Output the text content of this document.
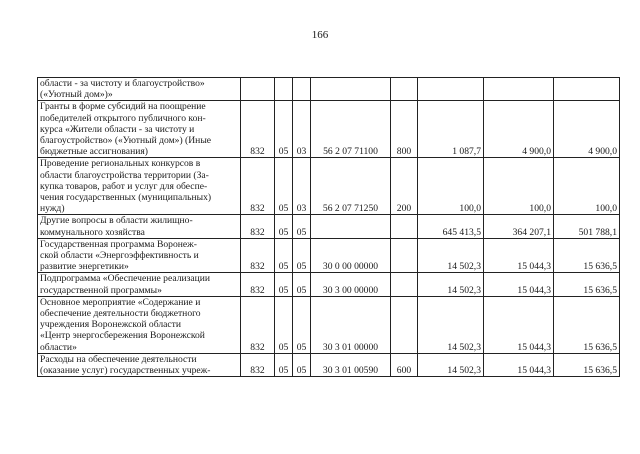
166
области - за чистоту и благоустройство»
(«Уютный дом»)»								

Гранты в форме субсидий на поощрение
победителей открытого публичного кон-
курса «Жители области - за чистоту и
благоустройство» («Уютный дом») (Иные
бюджетные ассигнования)	832	05	03	56 2 07 71100	800	1 087,7	4 900,0	4 900,0

Проведение региональных конкурсов в
области благоустройства территории (За-
купка товаров, работ и услуг для обеспе-
чения государственных (муниципальных)
нужд)	832	05	03	56 2 07 71250	200	100,0	100,0	100,0

Другие вопросы в области жилищно-
коммунального хозяйства	832	05	05			645 413,5	364 207,1	501 788,1

Государственная программа Воронеж-
ской области «Энергоэффективность и
развитие энергетики»	832	05	05	30 0 00 00000		14 502,3	15 044,3	15 636,5

Подпрограмма «Обеспечение реализации
государственной программы»	832	05	05	30 3 00 00000		14 502,3	15 044,3	15 636,5

Основное мероприятие «Содержание и
обеспечение деятельности бюджетного
учреждения Воронежской области
«Центр энергосбережения Воронежской
области»	832	05	05	30 3 01 00000		14 502,3	15 044,3	15 636,5

Расходы на обеспечение деятельности
(оказание услуг) государственных учреж-	832	05	05	30 3 01 00590	600	14 502,3	15 044,3	15 636,5
